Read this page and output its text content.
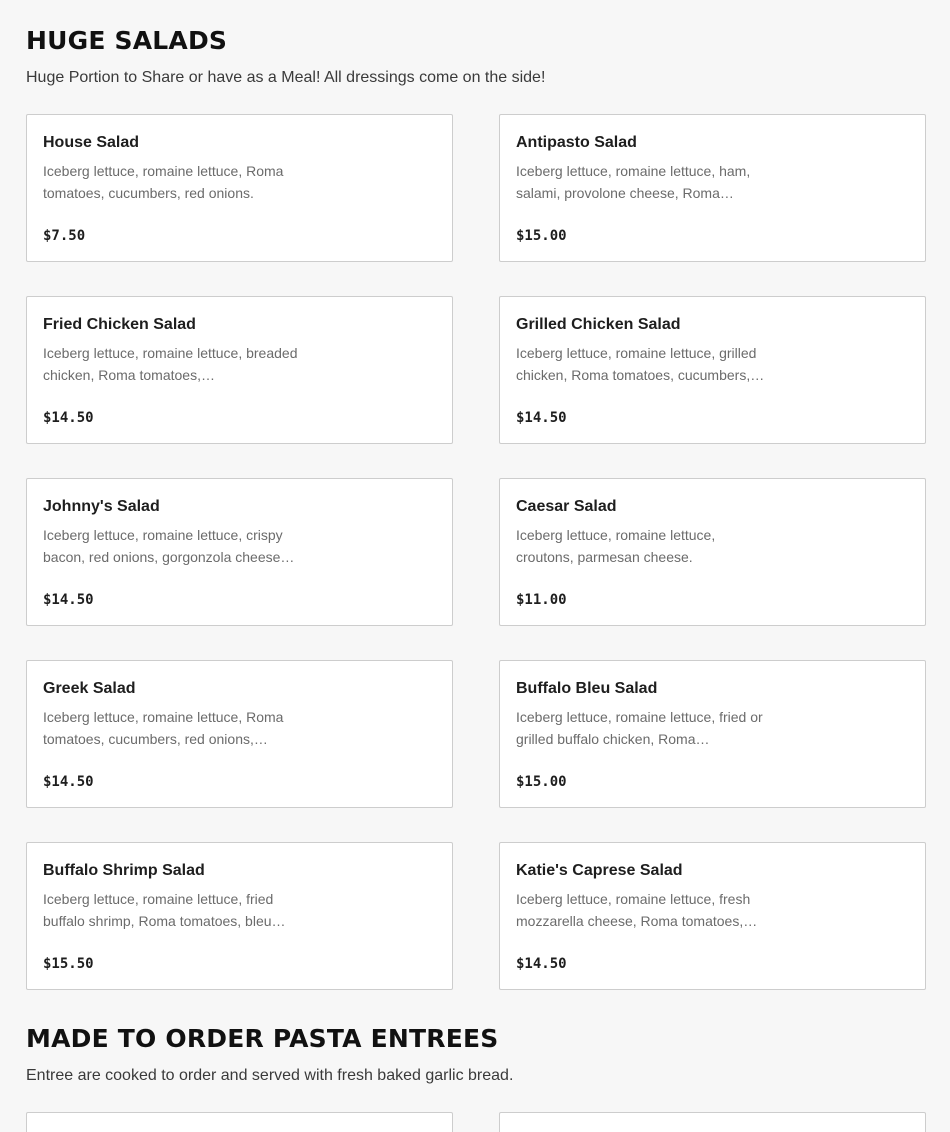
HUGE SALADS

Huge Portion to Share or have as a Meal! All dressings come on the side!

House Salad
Iceberg lettuce, romaine lettuce, Roma tomatoes, cucumbers, red onions.
$7.50
Antipasto Salad
Iceberg lettuce, romaine lettuce, ham, salami, provolone cheese, Roma…
$15.00
Fried Chicken Salad
Iceberg lettuce, romaine lettuce, breaded chicken, Roma tomatoes,…
$14.50
Grilled Chicken Salad
Iceberg lettuce, romaine lettuce, grilled chicken, Roma tomatoes, cucumbers,…
$14.50
Johnny's Salad
Iceberg lettuce, romaine lettuce, crispy bacon, red onions, gorgonzola cheese…
$14.50
Caesar Salad
Iceberg lettuce, romaine lettuce, croutons, parmesan cheese.
$11.00
Greek Salad
Iceberg lettuce, romaine lettuce, Roma tomatoes, cucumbers, red onions,…
$14.50
Buffalo Bleu Salad
Iceberg lettuce, romaine lettuce, fried or grilled buffalo chicken, Roma…
$15.00
Buffalo Shrimp Salad
Iceberg lettuce, romaine lettuce, fried buffalo shrimp, Roma tomatoes, bleu…
$15.50
Katie's Caprese Salad
Iceberg lettuce, romaine lettuce, fresh mozzarella cheese, Roma tomatoes,…
$14.50
MADE TO ORDER PASTA ENTREES

Entree are cooked to order and served with fresh baked garlic bread.
